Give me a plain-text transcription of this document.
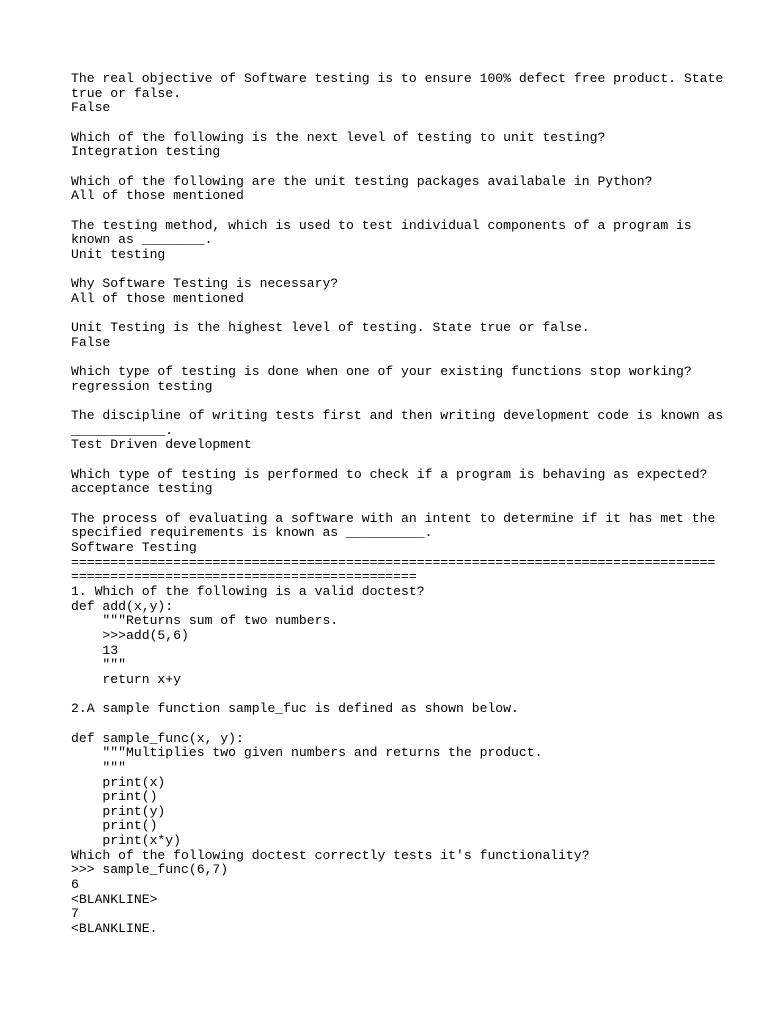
The real objective of Software testing is to ensure 100% defect free product. State
true or false.
False

Which of the following is the next level of testing to unit testing?
Integration testing

Which of the following are the unit testing packages availabale in Python?
All of those mentioned

The testing method, which is used to test individual components of a program is
known as ________.
Unit testing

Why Software Testing is necessary?
All of those mentioned

Unit Testing is the highest level of testing. State true or false.
False

Which type of testing is done when one of your existing functions stop working?
regression testing

The discipline of writing tests first and then writing development code is known as
____________.
Test Driven development

Which type of testing is performed to check if a program is behaving as expected?
acceptance testing

The process of evaluating a software with an intent to determine if it has met the
specified requirements is known as __________.
Software Testing
==================================================================================
============================================
1. Which of the following is a valid doctest?
def add(x,y):
"""Returns sum of two numbers.
>>>add(5,6)
13
"""
return x+y

2.A sample function sample_fuc is defined as shown below.

def sample_func(x, y):
"""Multiplies two given numbers and returns the product.
"""
print(x)
print()
print(y)
print()
print(x*y)
Which of the following doctest correctly tests it's functionality?
>>> sample_func(6,7)
6
<BLANKLINE>
7
<BLANKLINE.
